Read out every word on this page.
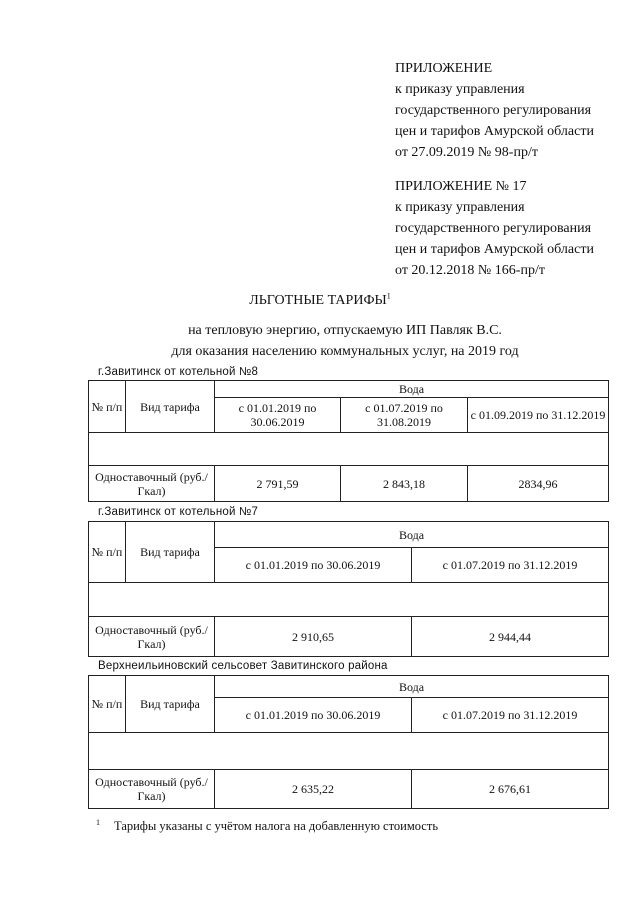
ПРИЛОЖЕНИЕ
к приказу управления
государственного регулирования
цен и тарифов Амурской области
от 27.09.2019 № 98-пр/т
ПРИЛОЖЕНИЕ № 17
к приказу управления
государственного регулирования
цен и тарифов Амурской области
от 20.12.2018 № 166-пр/т
ЛЬГОТНЫЕ ТАРИФЫ$^1$
на тепловую энергию, отпускаемую ИП Павляк В.С.
для оказания населению коммунальных услуг, на 2019 год
г.Завитинск от котельной №8
№ п/п	Вид тарифа	Вода		
		с 01.01.2019 по 30.06.2019	с 01.07.2019 по 31.08.2019	с 01.09.2019 по 31.12.2019

Одноставочный (руб./Гкал)		2 791,59	2 843,18	2834,96
г.Завитинск от котельной №7
№ п/п	Вид тарифа	Вода	
		с 01.01.2019 по 30.06.2019	с 01.07.2019 по 31.12.2019

Одноставочный (руб./Гкал)		2 910,65	2 944,44
Верхнеильиновский сельсовет Завитинского района
№ п/п	Вид тарифа	Вода	
		с 01.01.2019 по 30.06.2019	с 01.07.2019 по 31.12.2019

Одноставочный (руб./Гкал)		2 635,22	2 676,61
$^1$ Тарифы указаны с учётом налога на добавленную стоимость
